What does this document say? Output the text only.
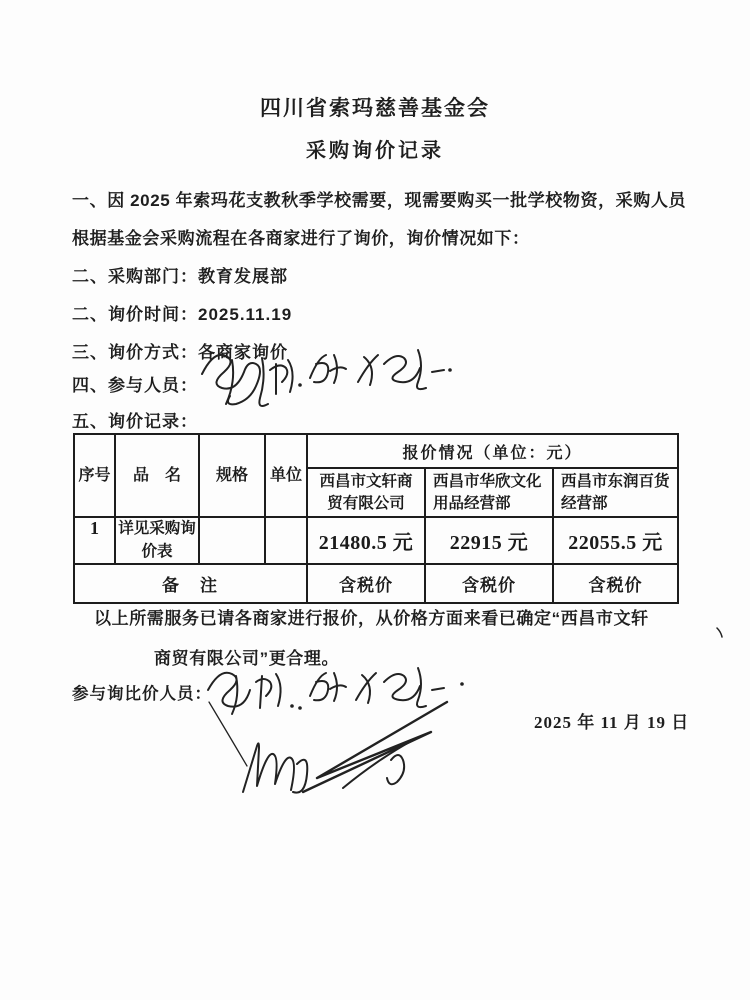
四川省索玛慈善基金会
采购询价记录
一、因 2025 年索玛花支教秋季学校需要，现需要购买一批学校物资，采购人员
根据基金会采购流程在各商家进行了询价，询价情况如下：
二、采购部门：教育发展部
二、询价时间：2025.11.19
三、询价方式：各商家询价
四、参与人员：
五、询价记录：
序号	品　名	规格	单位	报价情况（单位：元）		
				西昌市文轩商贸有限公司	西昌市华欣文化用品经营部	西昌市东润百货经营部
1	详见采购询价表			21480.5 元	22915 元	22055.5 元
备　注				含税价	含税价	含税价
以上所需服务已请各商家进行报价，从价格方面来看已确定“西昌市文轩
商贸有限公司”更合理。
参与询比价人员：
2025 年 11 月 19 日
